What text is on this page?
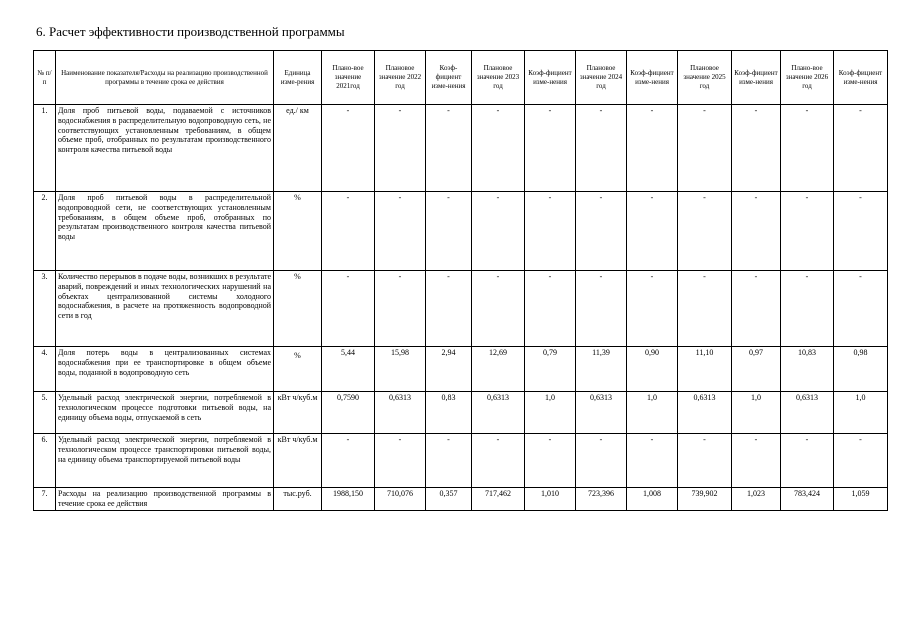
6. Расчет эффективности производственной программы
№ п/п	Наименование показателя/Расходы на реализацию производственной программы в течение срока ее действия	Единица изме-рения	Плано-вое значение 2021год	Плановое значение 2022 год	Коэф-фициент изме-нения	Плановое значение 2023 год	Коэф-фициент изме-нения	Плановое значение 2024 год	Коэф-фициент изме-нения	Плановое значение 2025 год	Коэф-фициент изме-нения	Плано-вое значение 2026 год	Коэф-фициент изме-нения
1.	Доля проб питьевой воды, подаваемой с источников водоснабжения в распределительную водопроводную сеть, не соответствующих установленным требованиям, в общем объеме проб, отобранных по результатам производственного контроля качества питьевой воды	ед./ км	-	-	-	-	-	-	-	-	-	-	-
2.	Доля проб питьевой воды в распределительной водопроводной сети, не соответствующих установленным требованиям, в общем объеме проб, отобранных по результатам производственного контроля качества питьевой воды	%	-	-	-	-	-	-	-	-	-	-	-
3.	Количество перерывов в подаче воды, возникших в результате аварий, повреждений и иных технологических нарушений на объектах централизованной системы холодного водоснабжения, в расчете на протяженность водопроводной сети в год	%	-	-	-	-	-	-	-	-	-	-	-
4.	Доля потерь воды в централизованных системах водоснабжения при ее транспортировке в общем объеме воды, поданной в водопроводную сеть	%	5,44	15,98	2,94	12,69	0,79	11,39	0,90	11,10	0,97	10,83	0,98
5.	Удельный расход электрической энергии, потребляемой в технологическом процессе подготовки питьевой воды, на единицу объема воды, отпускаемой в сеть	кВт ч/куб.м	0,7590	0,6313	0,83	0,6313	1,0	0,6313	1,0	0,6313	1,0	0,6313	1,0
6.	Удельный расход электрической энергии, потребляемой в технологическом процессе транспортировки питьевой воды, на единицу объема транспортируемой питьевой воды	кВт ч/куб.м	-	-	-	-	-	-	-	-	-	-	-
7.	Расходы на реализацию производственной программы в течение срока ее действия	тыс.руб.	1988,150	710,076	0,357	717,462	1,010	723,396	1,008	739,902	1,023	783,424	1,059
